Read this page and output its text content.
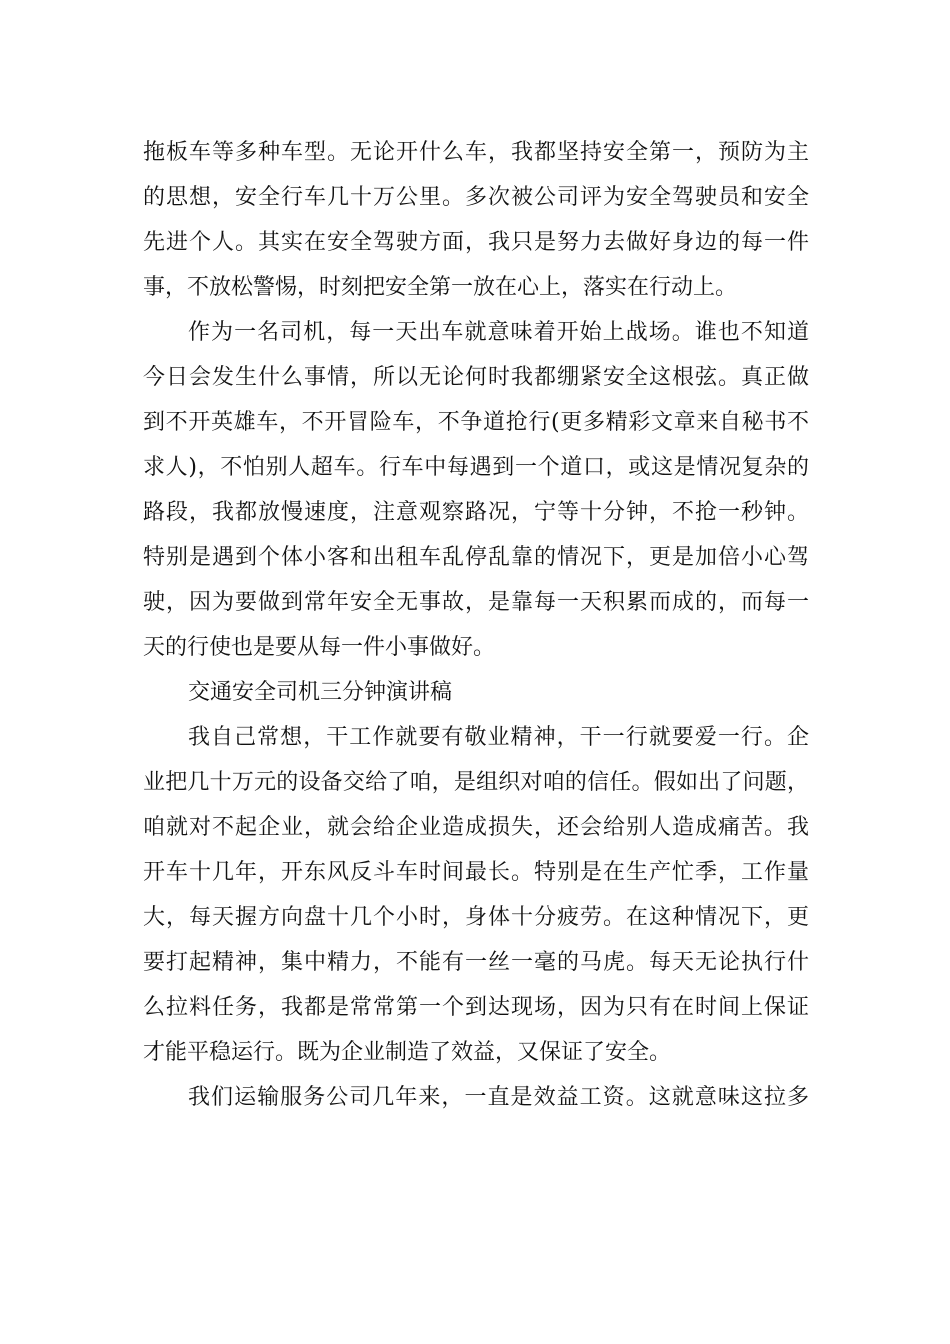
拖板车等多种车型。无论开什么车，我都坚持安全第一，预防为主
的思想，安全行车几十万公里。多次被公司评为安全驾驶员和安全
先进个人。其实在安全驾驶方面，我只是努力去做好身边的每一件
事，不放松警惕，时刻把安全第一放在心上，落实在行动上。
作为一名司机，每一天出车就意味着开始上战场。谁也不知道
今日会发生什么事情，所以无论何时我都绷紧安全这根弦。真正做
到不开英雄车，不开冒险车，不争道抢行(更多精彩文章来自秘书不
求人)，不怕别人超车。行车中每遇到一个道口，或这是情况复杂的
路段，我都放慢速度，注意观察路况，宁等十分钟，不抢一秒钟。
特别是遇到个体小客和出租车乱停乱靠的情况下，更是加倍小心驾
驶，因为要做到常年安全无事故，是靠每一天积累而成的，而每一
天的行使也是要从每一件小事做好。
交通安全司机三分钟演讲稿
我自己常想，干工作就要有敬业精神，干一行就要爱一行。企
业把几十万元的设备交给了咱，是组织对咱的信任。假如出了问题，
咱就对不起企业，就会给企业造成损失，还会给别人造成痛苦。我
开车十几年，开东风反斗车时间最长。特别是在生产忙季，工作量
大，每天握方向盘十几个小时，身体十分疲劳。在这种情况下，更
要打起精神，集中精力，不能有一丝一毫的马虎。每天无论执行什
么拉料任务，我都是常常第一个到达现场，因为只有在时间上保证
才能平稳运行。既为企业制造了效益，又保证了安全。
我们运输服务公司几年来，一直是效益工资。这就意味这拉多
